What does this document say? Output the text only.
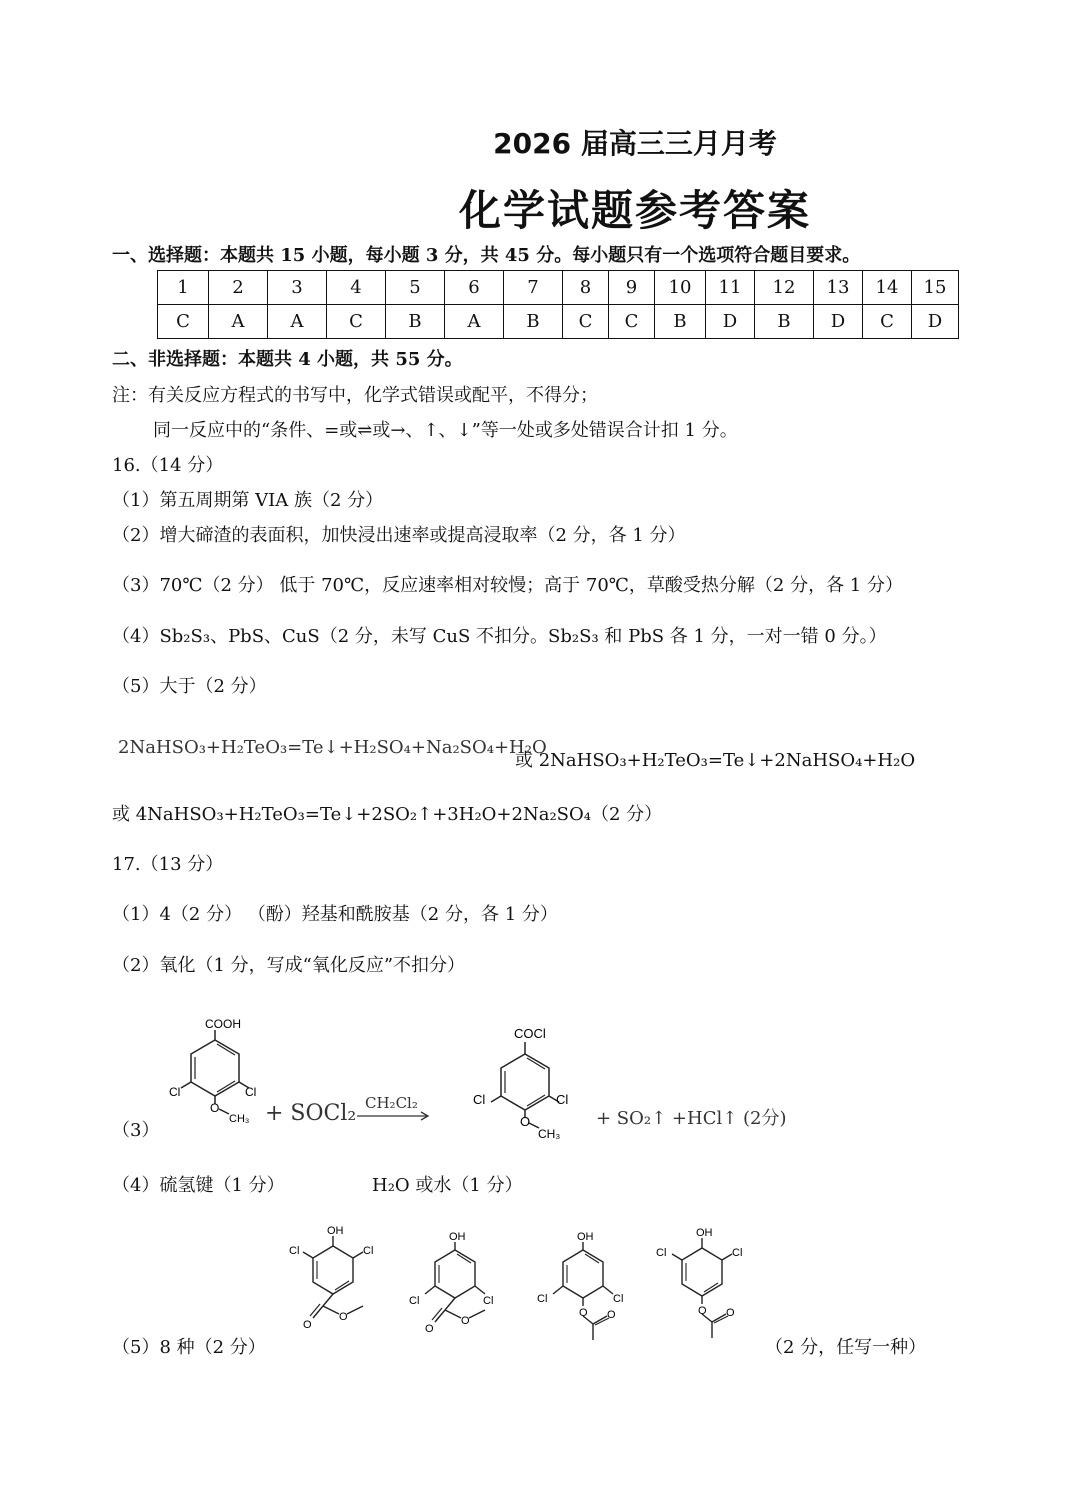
2026 届高三三月月考
化学试题参考答案
一、选择题：本题共 15 小题，每小题 3 分，共 45 分。每小题只有一个选项符合题目要求。
1	2	3	4	5	6	7	8	9	10	11	12	13	14	15
C	A	A	C	B	A	B	C	C	B	D	B	D	C	D
二、非选择题：本题共 4 小题，共 55 分。
注：有关反应方程式的书写中，化学式错误或配平，不得分；
同一反应中的“条件、=或⇌或→、↑、↓”等一处或多处错误合计扣 1 分。
16.（14 分）
（1）第五周期第 VIA 族（2 分）
（2）增大碲渣的表面积，加快浸出速率或提高浸取率（2 分，各 1 分）
（3）70℃（2 分） 低于 70℃，反应速率相对较慢；高于 70℃，草酸受热分解（2 分，各 1 分）
（4）Sb₂S₃、PbS、CuS（2 分，未写 CuS 不扣分。Sb₂S₃ 和 PbS 各 1 分，一对一错 0 分。）
（5）大于（2 分）
2NaHSO₃+H₂TeO₃=Te↓+H₂SO₄+Na₂SO₄+H₂O
或 2NaHSO₃+H₂TeO₃=Te↓+2NaHSO₄+H₂O
或 4NaHSO₃+H₂TeO₃=Te↓+2SO₂↑+3H₂O+2Na₂SO₄（2 分）
17.（13 分）
（1）4（2 分） （酚）羟基和酰胺基（2 分，各 1 分）
（2）氧化（1 分，写成“氧化反应”不扣分）
（3）
COOH
Cl	Cl
O
CH₃ + SOCl₂ CH₂Cl₂
COCl
Cl	Cl
O
CH₃
+ SO₂↑ +HCl↑ (2分)
（4）硫氢键（1 分）	H₂O 或水（1 分）
OH
Cl	Cl
O
O
OH
Cl	Cl
O
O
OH
Cl	Cl
O O
OH
Cl	Cl
O O
（5）8 种（2 分）	（2 分，任写一种）
